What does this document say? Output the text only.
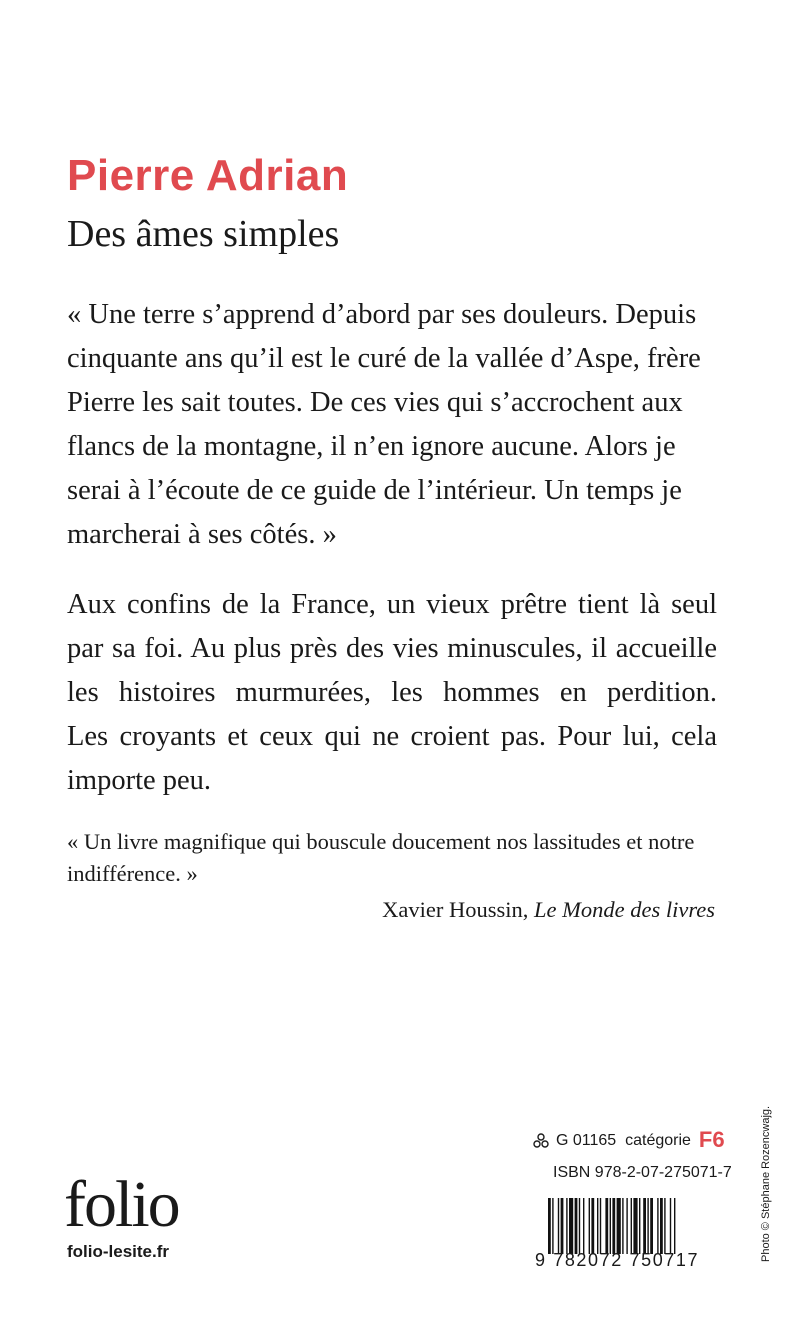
Pierre Adrian
Des âmes simples

« Une terre s’apprend d’abord par ses douleurs. Depuis
cinquante ans qu’il est le curé de la vallée d’Aspe, frère
Pierre les sait toutes. De ces vies qui s’accrochent aux
flancs de la montagne, il n’en ignore aucune. Alors je
serai à l’écoute de ce guide de l’intérieur. Un temps je
marcherai à ses côtés. »

Aux confins de la France, un vieux prêtre tient là seul
par sa foi. Au plus près des vies minuscules, il accueille
les histoires murmurées, les hommes en perdition.
Les croyants et ceux qui ne croient pas. Pour lui, cela
importe peu.

« Un livre magnifique qui bouscule doucement nos lassitudes et notre
indifférence. »

Xavier Houssin, Le Monde des livres
G 01165 catégorie F6
ISBN 978-2-07-275071-7
folio
folio-lesite.fr	9 782072 750717	Photo © Stéphane Rozencwajg.
